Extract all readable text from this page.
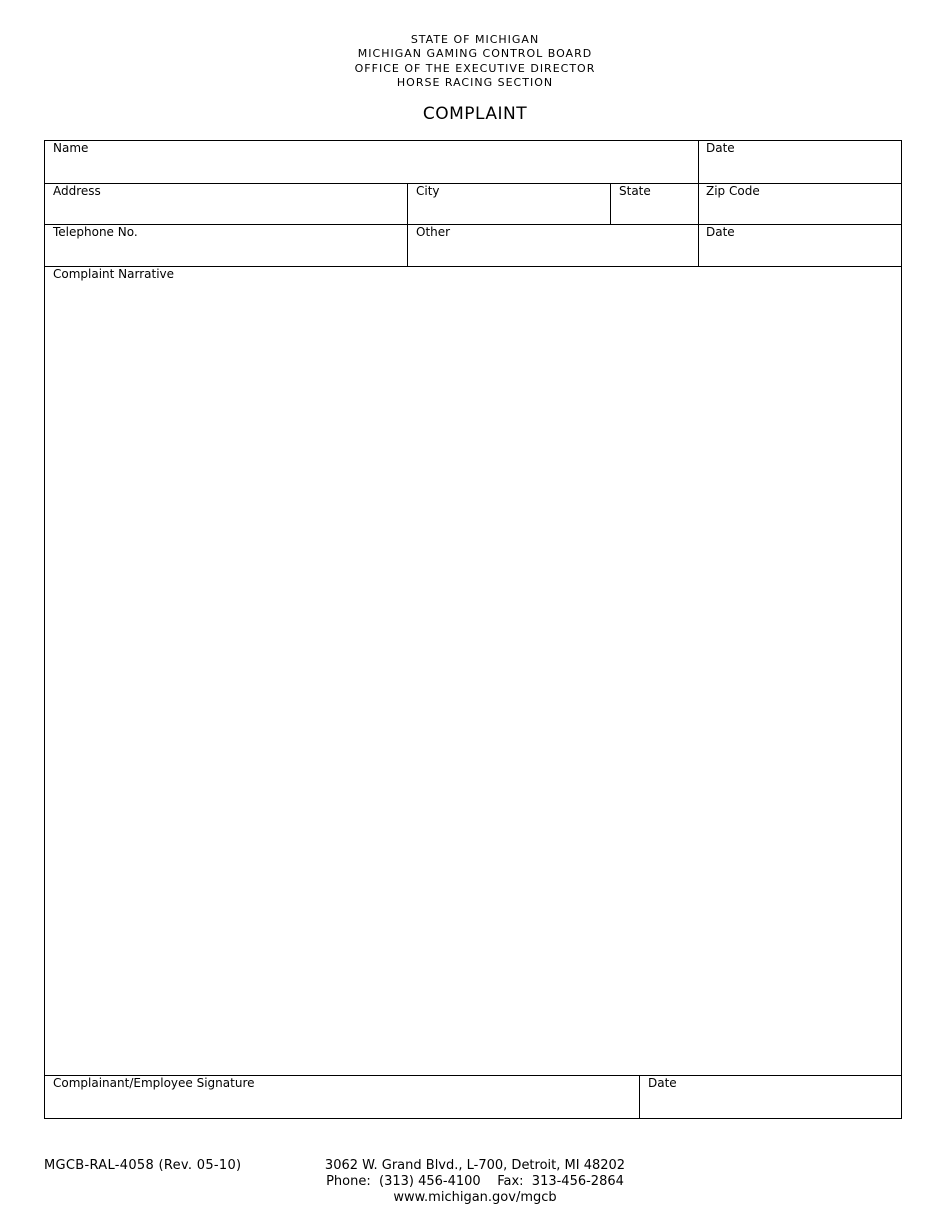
STATE OF MICHIGAN
MICHIGAN GAMING CONTROL BOARD
OFFICE OF THE EXECUTIVE DIRECTOR
HORSE RACING SECTION
COMPLAINT
Name	Date
Address	City	State	Zip Code
Telephone No.	Other	Date
Complaint Narrative
Complainant/Employee Signature	Date
MGCB-RAL-4058 (Rev. 05-10)	3062 W. Grand Blvd., L-700, Detroit, MI 48202
Phone:  (313) 456-4100    Fax:  313-456-2864
www.michigan.gov/mgcb
